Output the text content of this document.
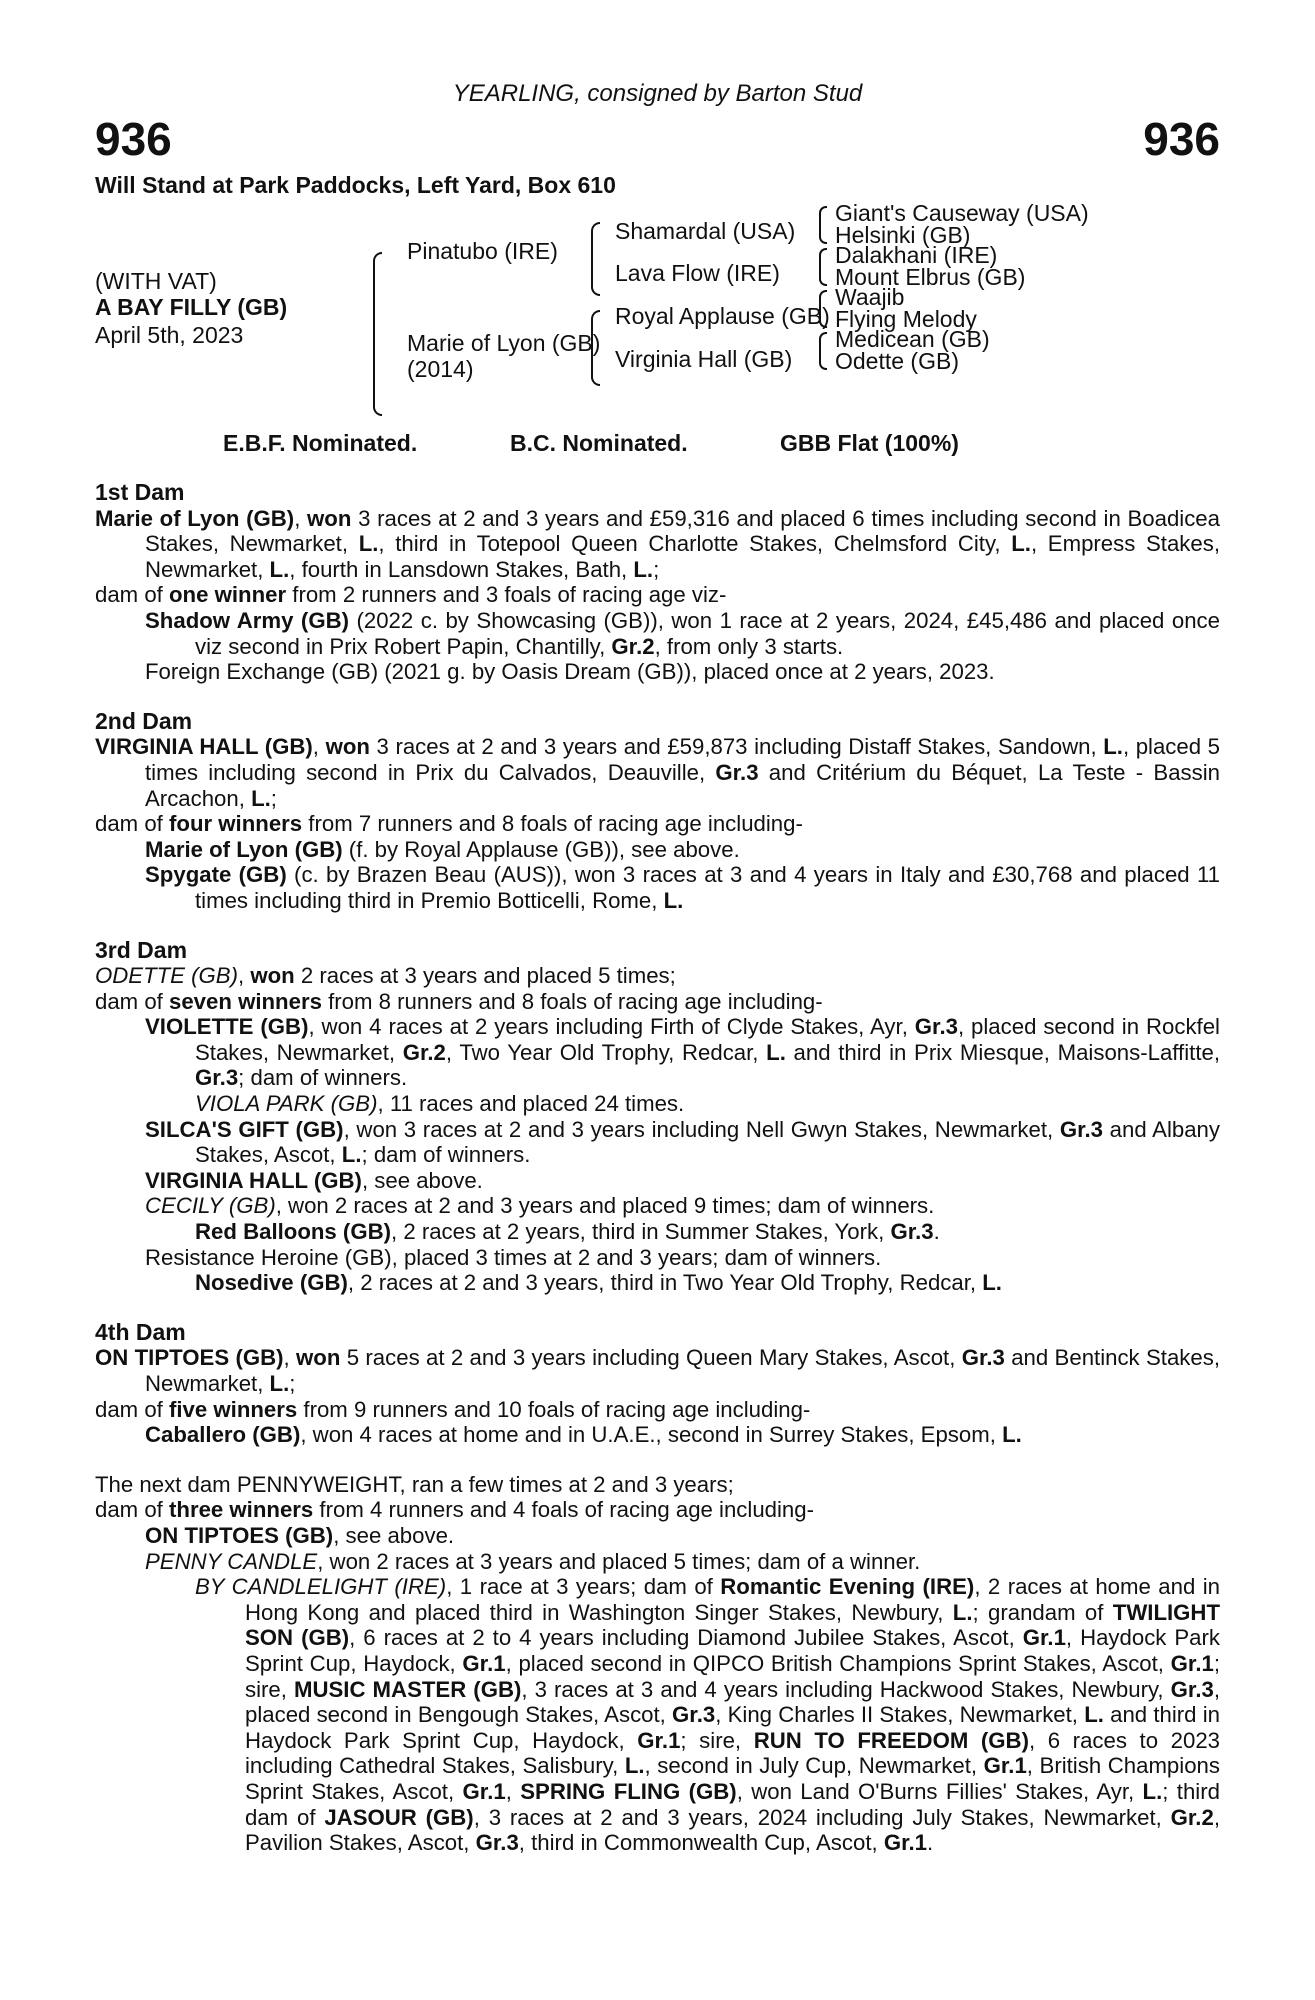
YEARLING, consigned by Barton Stud
936	936
Will Stand at Park Paddocks, Left Yard, Box 610
(WITH VAT)
A BAY FILLY (GB)
April 5th, 2023
Pinatubo (IRE)
Marie of Lyon (GB)
(2014)
Shamardal (USA)
Lava Flow (IRE)
Royal Applause (GB)
Virginia Hall (GB)
Giant's Causeway (USA)
Helsinki (GB)
Dalakhani (IRE)
Mount Elbrus (GB)
Waajib
Flying Melody
Medicean (GB)
Odette (GB)
E.B.F. Nominated.	B.C. Nominated.	GBB Flat (100%)
1st Dam
Marie of Lyon (GB), won 3 races at 2 and 3 years and £59,316 and placed 6 times including second in Boadicea Stakes, Newmarket, L., third in Totepool Queen Charlotte Stakes, Chelmsford City, L., Empress Stakes, Newmarket, L., fourth in Lansdown Stakes, Bath, L.;
dam of one winner from 2 runners and 3 foals of racing age viz-
Shadow Army (GB) (2022 c. by Showcasing (GB)), won 1 race at 2 years, 2024, £45,486 and placed once viz second in Prix Robert Papin, Chantilly, Gr.2, from only 3 starts.
Foreign Exchange (GB) (2021 g. by Oasis Dream (GB)), placed once at 2 years, 2023.
2nd Dam
VIRGINIA HALL (GB), won 3 races at 2 and 3 years and £59,873 including Distaff Stakes, Sandown, L., placed 5 times including second in Prix du Calvados, Deauville, Gr.3 and Critérium du Béquet, La Teste - Bassin Arcachon, L.;
dam of four winners from 7 runners and 8 foals of racing age including-
Marie of Lyon (GB) (f. by Royal Applause (GB)), see above.
Spygate (GB) (c. by Brazen Beau (AUS)), won 3 races at 3 and 4 years in Italy and £30,768 and placed 11 times including third in Premio Botticelli, Rome, L.
3rd Dam
ODETTE (GB), won 2 races at 3 years and placed 5 times;
dam of seven winners from 8 runners and 8 foals of racing age including-
VIOLETTE (GB), won 4 races at 2 years including Firth of Clyde Stakes, Ayr, Gr.3, placed second in Rockfel Stakes, Newmarket, Gr.2, Two Year Old Trophy, Redcar, L. and third in Prix Miesque, Maisons-Laffitte, Gr.3; dam of winners.
VIOLA PARK (GB), 11 races and placed 24 times.
SILCA'S GIFT (GB), won 3 races at 2 and 3 years including Nell Gwyn Stakes, Newmarket, Gr.3 and Albany Stakes, Ascot, L.; dam of winners.
VIRGINIA HALL (GB), see above.
CECILY (GB), won 2 races at 2 and 3 years and placed 9 times; dam of winners.
Red Balloons (GB), 2 races at 2 years, third in Summer Stakes, York, Gr.3.
Resistance Heroine (GB), placed 3 times at 2 and 3 years; dam of winners.
Nosedive (GB), 2 races at 2 and 3 years, third in Two Year Old Trophy, Redcar, L.
4th Dam
ON TIPTOES (GB), won 5 races at 2 and 3 years including Queen Mary Stakes, Ascot, Gr.3 and Bentinck Stakes, Newmarket, L.;
dam of five winners from 9 runners and 10 foals of racing age including-
Caballero (GB), won 4 races at home and in U.A.E., second in Surrey Stakes, Epsom, L.
The next dam PENNYWEIGHT, ran a few times at 2 and 3 years;
dam of three winners from 4 runners and 4 foals of racing age including-
ON TIPTOES (GB), see above.
PENNY CANDLE, won 2 races at 3 years and placed 5 times; dam of a winner.
BY CANDLELIGHT (IRE), 1 race at 3 years; dam of Romantic Evening (IRE), 2 races at home and in Hong Kong and placed third in Washington Singer Stakes, Newbury, L.; grandam of TWILIGHT SON (GB), 6 races at 2 to 4 years including Diamond Jubilee Stakes, Ascot, Gr.1, Haydock Park Sprint Cup, Haydock, Gr.1, placed second in QIPCO British Champions Sprint Stakes, Ascot, Gr.1; sire, MUSIC MASTER (GB), 3 races at 3 and 4 years including Hackwood Stakes, Newbury, Gr.3, placed second in Bengough Stakes, Ascot, Gr.3, King Charles II Stakes, Newmarket, L. and third in Haydock Park Sprint Cup, Haydock, Gr.1; sire, RUN TO FREEDOM (GB), 6 races to 2023 including Cathedral Stakes, Salisbury, L., second in July Cup, Newmarket, Gr.1, British Champions Sprint Stakes, Ascot, Gr.1, SPRING FLING (GB), won Land O'Burns Fillies' Stakes, Ayr, L.; third dam of JASOUR (GB), 3 races at 2 and 3 years, 2024 including July Stakes, Newmarket, Gr.2, Pavilion Stakes, Ascot, Gr.3, third in Commonwealth Cup, Ascot, Gr.1.
